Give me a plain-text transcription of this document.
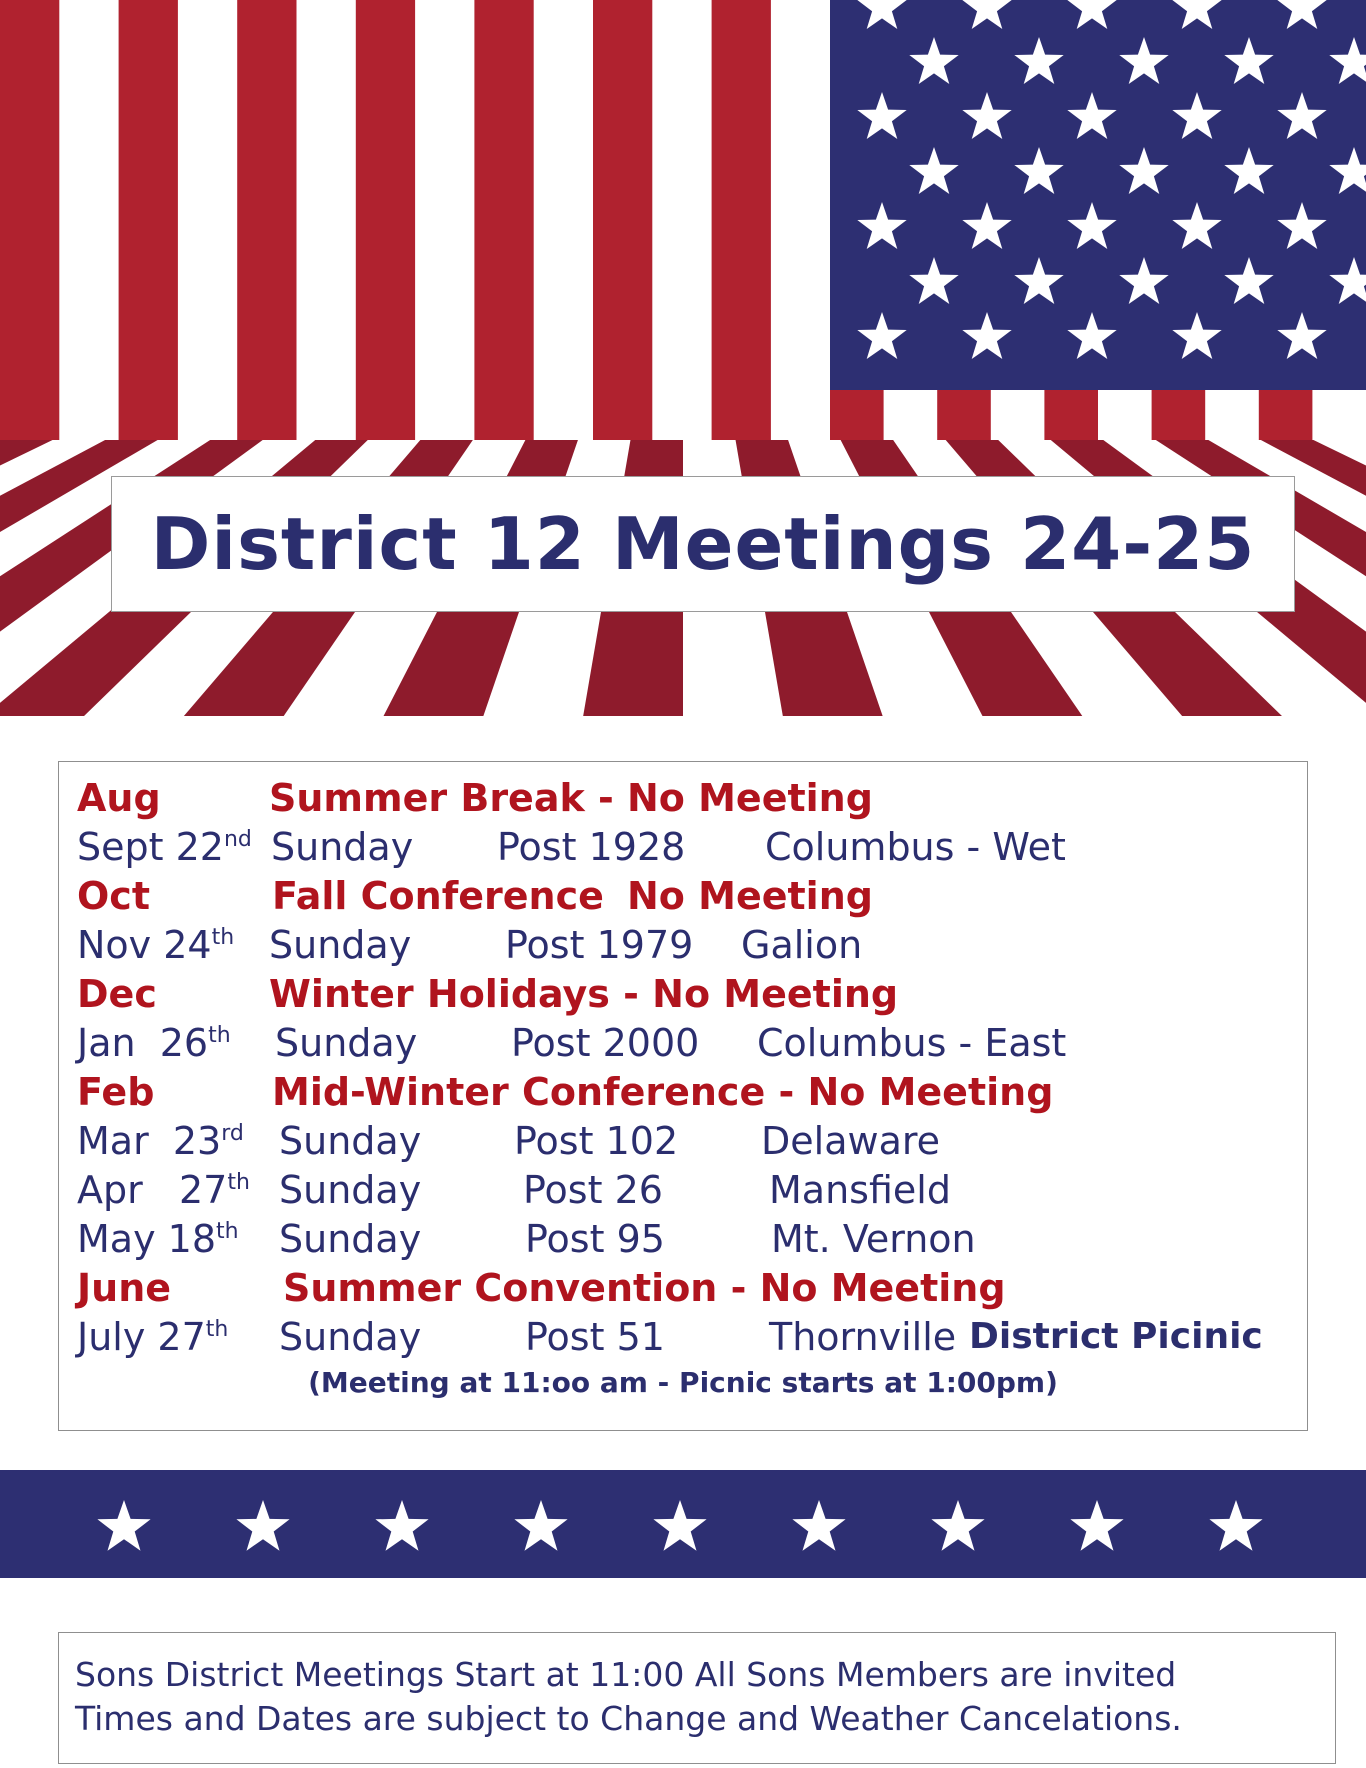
District 12 Meetings 24-25
Aug	Summer Break - No Meeting
Sept 22nd Sunday Post 1928 Columbus - Wet
Oct	Fall Conference No Meeting
Nov 24th Sunday Post 1979 Galion
Dec	Winter Holidays - No Meeting
Jan  26th Sunday Post 2000 Columbus - East
Feb	Mid-Winter Conference - No Meeting
Mar  23rd Sunday Post 102 Delaware
Apr   27th Sunday	Post 26	Mansfield
May 18th Sunday	Post 95	Mt. Vernon
June	Summer Convention - No Meeting
July 27th Sunday	Post 51	Thornville District Picinic
(Meeting at 11:oo am - Picnic starts at 1:00pm)
Sons District Meetings Start at 11:00 All Sons Members are invited
Times and Dates are subject to Change and Weather Cancelations.
